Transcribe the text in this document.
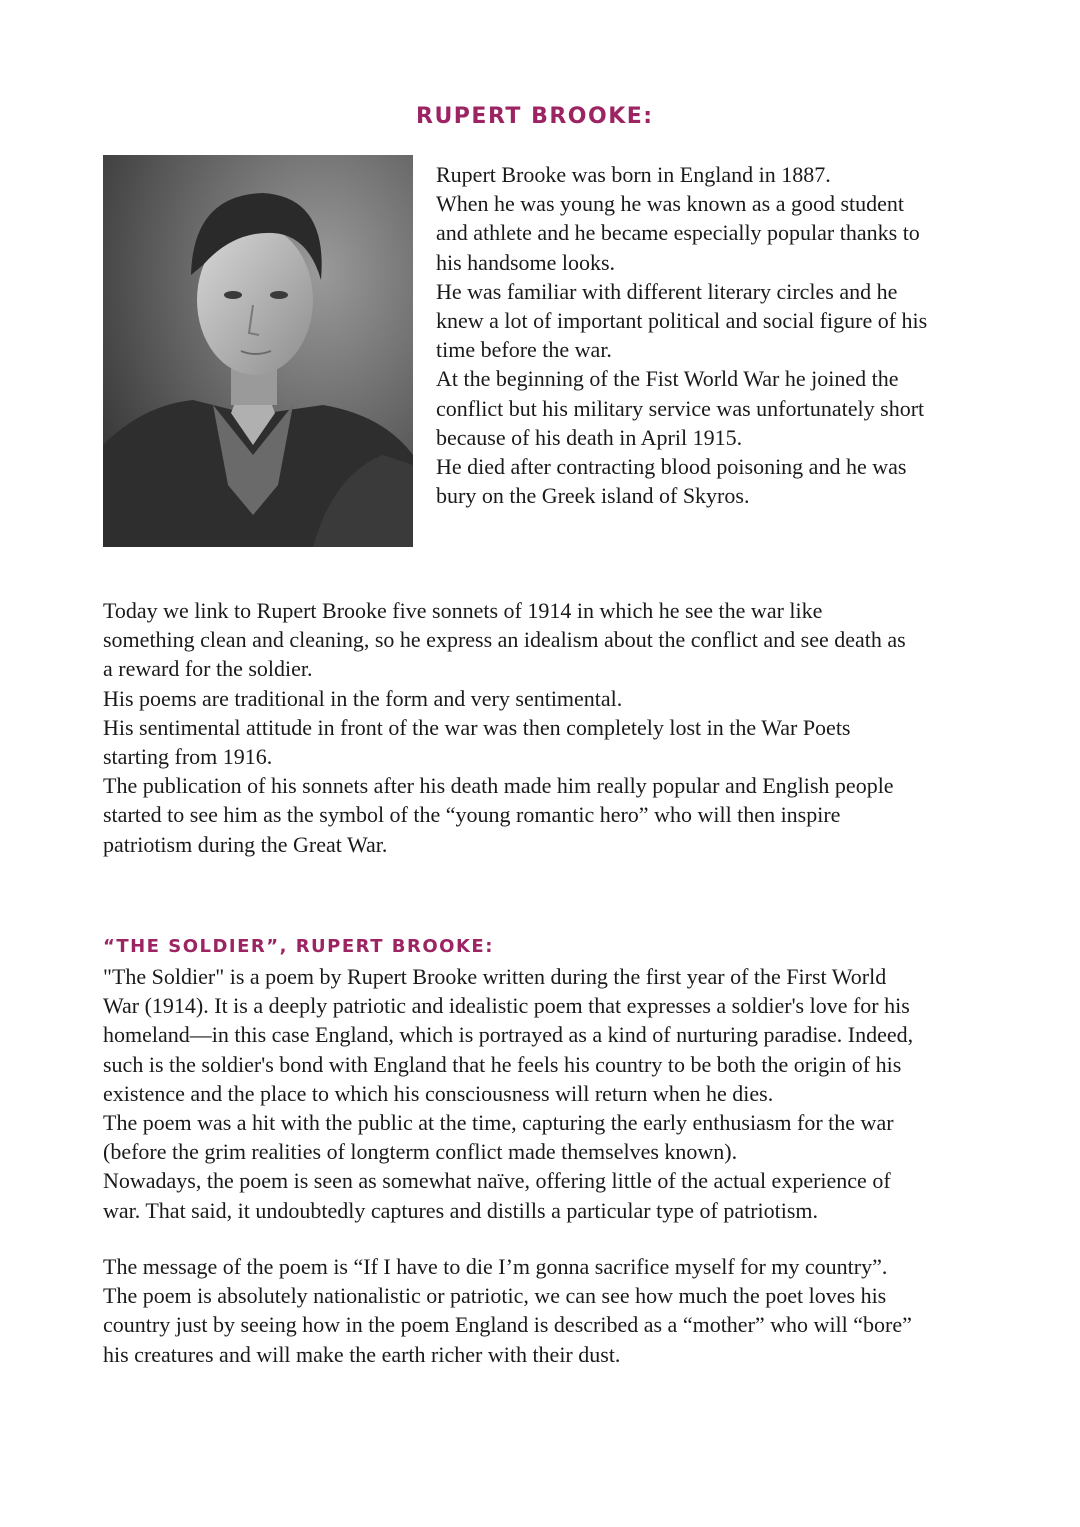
RUPERT BROOKE:

Rupert Brooke was born in England in 1887.

When he was young he was known as a good student

and athlete and he became especially popular thanks to

his handsome looks.

He was familiar with different literary circles and he

knew a lot of important political and social figure of his

time before the war.

At the beginning of the Fist World War he joined the

conflict but his military service was unfortunately short

because of his death in April 1915.

He died after contracting blood poisoning and he was

bury on the Greek island of Skyros.

Today we link to Rupert Brooke five sonnets of 1914 in which he see the war like

something clean and cleaning, so he express an idealism about the conflict and see death as

a reward for the soldier.

His poems are traditional in the form and very sentimental.

His sentimental attitude in front of the war was then completely lost in the War Poets

starting from 1916.

The publication of his sonnets after his death made him really popular and English people

started to see him as the symbol of the “young romantic hero” who will then inspire

patriotism during the Great War.

“THE SOLDIER”, RUPERT BROOKE:

"The Soldier" is a poem by Rupert Brooke written during the first year of the First World

War (1914). It is a deeply patriotic and idealistic poem that expresses a soldier's love for his

homeland—in this case England, which is portrayed as a kind of nurturing paradise. Indeed,

such is the soldier's bond with England that he feels his country to be both the origin of his

existence and the place to which his consciousness will return when he dies.

The poem was a hit with the public at the time, capturing the early enthusiasm for the war

(before the grim realities of longterm conflict made themselves known).

Nowadays, the poem is seen as somewhat naïve, offering little of the actual experience of

war. That said, it undoubtedly captures and distills a particular type of patriotism.

The message of the poem is “If I have to die I’m gonna sacrifice myself for my country”.

The poem is absolutely nationalistic or patriotic, we can see how much the poet loves his

country just by seeing how in the poem England is described as a “mother” who will “bore”

his creatures and will make the earth richer with their dust.
